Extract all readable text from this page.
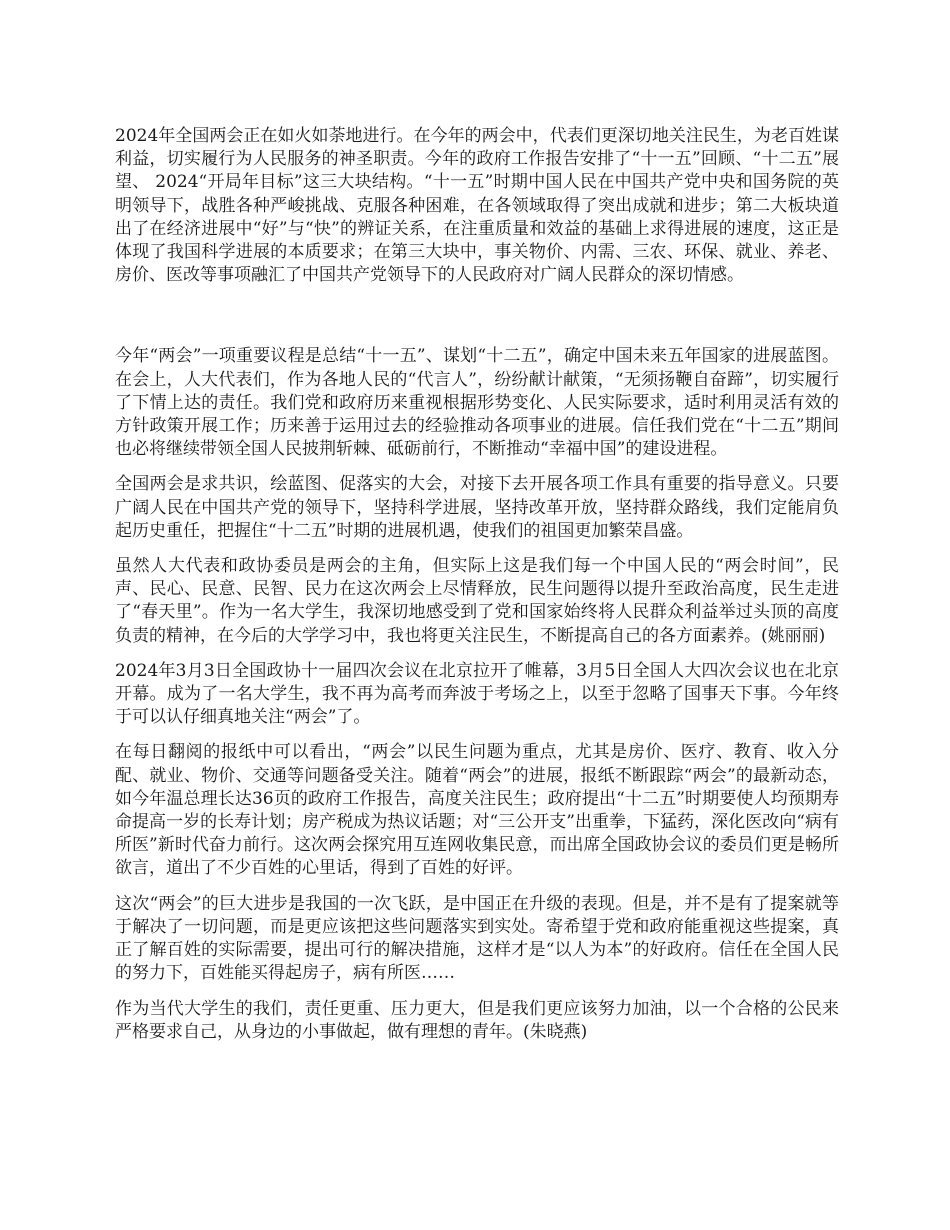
2024年全国两会正在如火如荼地进行。在今年的两会中，代表们更深切地关注民生，为老百姓谋利益，切实履行为人民服务的神圣职责。今年的政府工作报告安排了“十一五”回顾、“十二五”展望、 2024“开局年目标”这三大块结构。“十一五”时期中国人民在中国共产党中央和国务院的英明领导下，战胜各种严峻挑战、克服各种困难，在各领域取得了突出成就和进步；第二大板块道出了在经济进展中“好”与“快”的辨证关系，在注重质量和效益的基础上求得进展的速度，这正是体现了我国科学进展的本质要求；在第三大块中，事关物价、内需、三农、环保、就业、养老、房价、医改等事项融汇了中国共产党领导下的人民政府对广阔人民群众的深切情感。

今年“两会”一项重要议程是总结“十一五”、谋划“十二五”，确定中国未来五年国家的进展蓝图。在会上，人大代表们，作为各地人民的“代言人”，纷纷献计献策，“无须扬鞭自奋蹄”，切实履行了下情上达的责任。我们党和政府历来重视根据形势变化、人民实际要求，适时利用灵活有效的方针政策开展工作；历来善于运用过去的经验推动各项事业的进展。信任我们党在“十二五”期间也必将继续带领全国人民披荆斩棘、砥砺前行，不断推动“幸福中国”的建设进程。

全国两会是求共识，绘蓝图、促落实的大会，对接下去开展各项工作具有重要的指导意义。只要广阔人民在中国共产党的领导下，坚持科学进展，坚持改革开放，坚持群众路线，我们定能肩负起历史重任，把握住“十二五”时期的进展机遇，使我们的祖国更加繁荣昌盛。

虽然人大代表和政协委员是两会的主角，但实际上这是我们每一个中国人民的“两会时间”，民声、民心、民意、民智、民力在这次两会上尽情释放，民生问题得以提升至政治高度，民生走进了“春天里”。作为一名大学生，我深切地感受到了党和国家始终将人民群众利益举过头顶的高度负责的精神，在今后的大学学习中，我也将更关注民生，不断提高自己的各方面素养。(姚丽丽)

2024年3月3日全国政协十一届四次会议在北京拉开了帷幕，3月5日全国人大四次会议也在北京开幕。成为了一名大学生，我不再为高考而奔波于考场之上，以至于忽略了国事天下事。今年终于可以认仔细真地关注“两会”了。

在每日翻阅的报纸中可以看出，“两会”以民生问题为重点，尤其是房价、医疗、教育、收入分配、就业、物价、交通等问题备受关注。随着“两会”的进展，报纸不断跟踪“两会”的最新动态，如今年温总理长达36页的政府工作报告，高度关注民生；政府提出“十二五”时期要使人均预期寿命提高一岁的长寿计划；房产税成为热议话题；对“三公开支”出重拳，下猛药，深化医改向“病有所医”新时代奋力前行。这次两会探究用互连网收集民意，而出席全国政协会议的委员们更是畅所欲言，道出了不少百姓的心里话，得到了百姓的好评。

这次“两会”的巨大进步是我国的一次飞跃，是中国正在升级的表现。但是，并不是有了提案就等于解决了一切问题，而是更应该把这些问题落实到实处。寄希望于党和政府能重视这些提案，真正了解百姓的实际需要，提出可行的解决措施，这样才是“以人为本”的好政府。信任在全国人民的努力下，百姓能买得起房子，病有所医……

作为当代大学生的我们，责任更重、压力更大，但是我们更应该努力加油，以一个合格的公民来严格要求自己，从身边的小事做起，做有理想的青年。(朱晓燕)
